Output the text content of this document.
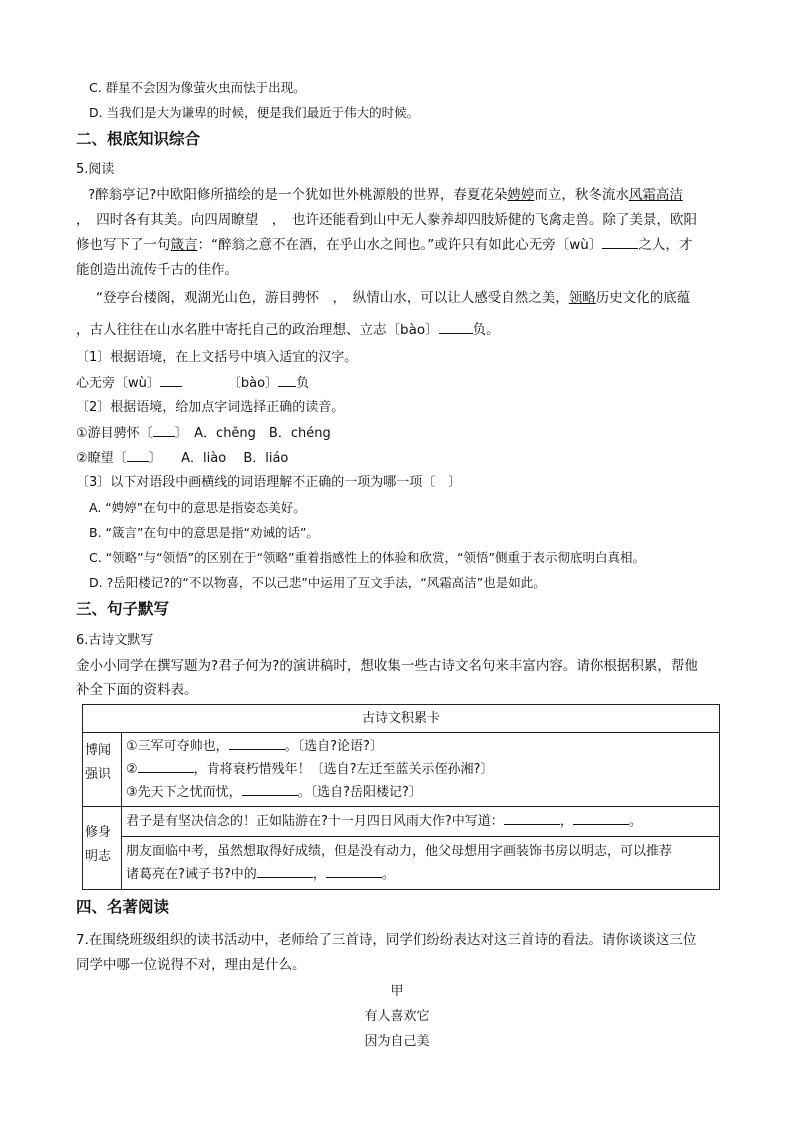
C. 群星不会因为像萤火虫而怯于出现。
D. 当我们是大为谦卑的时候，便是我们最近于伟大的时候。
二、根底知识综合
5.阅读
?醉翁亭记?中欧阳修所描绘的是一个犹如世外桃源般的世界，春夏花朵娉婷而立，秋冬流水风霜高洁
，　四时各有其美。向四周瞭望　，　也许还能看到山中无人豢养却四肢矫健的飞禽走兽。除了美景，欧阳
修也写下了一句箴言：“醉翁之意不在酒，在乎山水之间也。”或许只有如此心无旁〔wù〕	之人，才
能创造出流传千古的佳作。
“登亭台楼阁，观湖光山色，游目骋怀　，　纵情山水，可以让人感受自然之美，领略历史文化的底蕴
，古人往往在山水名胜中寄托自己的政治理想、立志〔bào〕	负。
〔1〕根据语境，在上文括号中填入适宜的汉字。
心无旁〔wù〕	〔bào〕 负
〔2〕根据语境，给加点字词选择正确的读音。
①游目骋怀〔 〕　A．chěng　B．chéng
②瞭望〔 〕　　A．liào　 B．liáo
〔3〕以下对语段中画横线的词语理解不正确的一项为哪一项〔　〕
A. “娉婷”在句中的意思是指姿态美好。
B. “箴言”在句中的意思是指“劝诫的话”。
C. “领略”与“领悟”的区别在于“领略”重着指感性上的体验和欣赏，“领悟”侧重于表示彻底明白真相。
D. ?岳阳楼记?的“不以物喜，不以己悲”中运用了互文手法，“风霜高洁”也是如此。
三、句子默写
6.古诗文默写
金小小同学在撰写题为?君子何为?的演讲稿时，想收集一些古诗文名句来丰富内容。请你根据积累，帮他
补全下面的资料表。
古诗文积累卡	
博闻强识	①三军可夺帅也， 。〔选自?论语?〕
② ，肯将衰朽惜残年！〔选自?左迁至蓝关示侄孙湘?〕
③先天下之忧而忧， 。〔选自?岳阳楼记?〕

修身明志	君子是有坚决信念的！正如陆游在?十一月四日风雨大作?中写道： ， 。

	朋友面临中考，虽然想取得好成绩，但是没有动力，他父母想用字画装饰书房以明志，可以推荐
诸葛亮在?诫子书?中的 ， 。
四、名著阅读
7.在围绕班级组织的读书活动中，老师给了三首诗，同学们纷纷表达对这三首诗的看法。请你谈谈这三位
同学中哪一位说得不对，理由是什么。
甲
有人喜欢它
因为自己美
